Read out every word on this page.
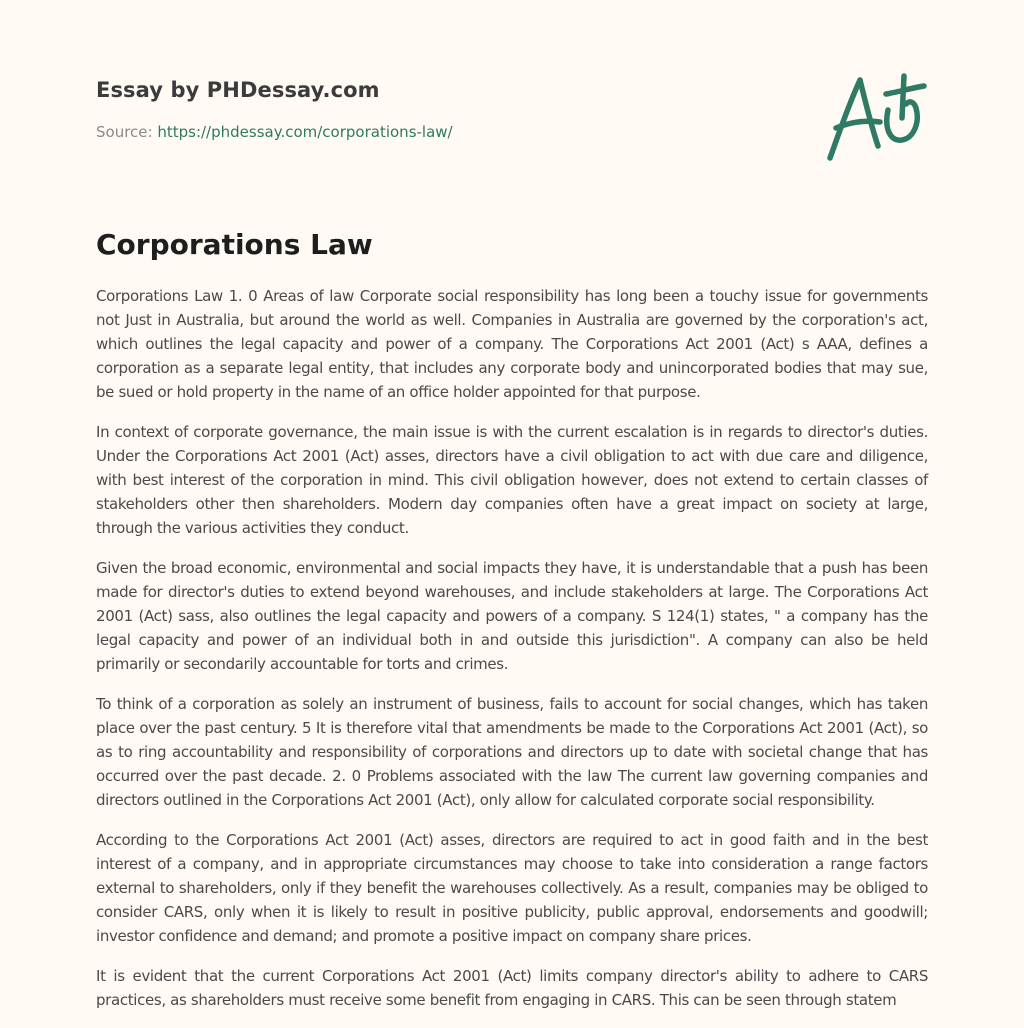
Essay by PHDessay.com
Source: https://phdessay.com/corporations-law/
Corporations Law

Corporations Law 1. 0 Areas of law Corporate social responsibility has long been a touchy issue for governments not Just in Australia, but around the world as well. Companies in Australia are governed by the corporation's act, which outlines the legal capacity and power of a company. The Corporations Act 2001 (Act) s AAA, defines a corporation as a separate legal entity, that includes any corporate body and unincorporated bodies that may sue, be sued or hold property in the name of an office holder appointed for that purpose.

In context of corporate governance, the main issue is with the current escalation is in regards to director's duties. Under the Corporations Act 2001 (Act) asses, directors have a civil obligation to act with due care and diligence, with best interest of the corporation in mind. This civil obligation however, does not extend to certain classes of stakeholders other then shareholders. Modern day companies often have a great impact on society at large, through the various activities they conduct.

Given the broad economic, environmental and social impacts they have, it is understandable that a push has been made for director's duties to extend beyond warehouses, and include stakeholders at large. The Corporations Act 2001 (Act) sass, also outlines the legal capacity and powers of a company. S 124(1) states, " a company has the legal capacity and power of an individual both in and outside this jurisdiction". A company can also be held primarily or secondarily accountable for torts and crimes.

To think of a corporation as solely an instrument of business, fails to account for social changes, which has taken place over the past century. 5 It is therefore vital that amendments be made to the Corporations Act 2001 (Act), so as to ring accountability and responsibility of corporations and directors up to date with societal change that has occurred over the past decade. 2. 0 Problems associated with the law The current law governing companies and directors outlined in the Corporations Act 2001 (Act), only allow for calculated corporate social responsibility.

According to the Corporations Act 2001 (Act) asses, directors are required to act in good faith and in the best interest of a company, and in appropriate circumstances may choose to take into consideration a range factors external to shareholders, only if they benefit the warehouses collectively. As a result, companies may be obliged to consider CARS, only when it is likely to result in positive publicity, public approval, endorsements and goodwill; investor confidence and demand; and promote a positive impact on company share prices.

It is evident that the current Corporations Act 2001 (Act) limits company director's ability to adhere to CARS practices, as shareholders must receive some benefit from engaging in CARS. This can be seen through statem
